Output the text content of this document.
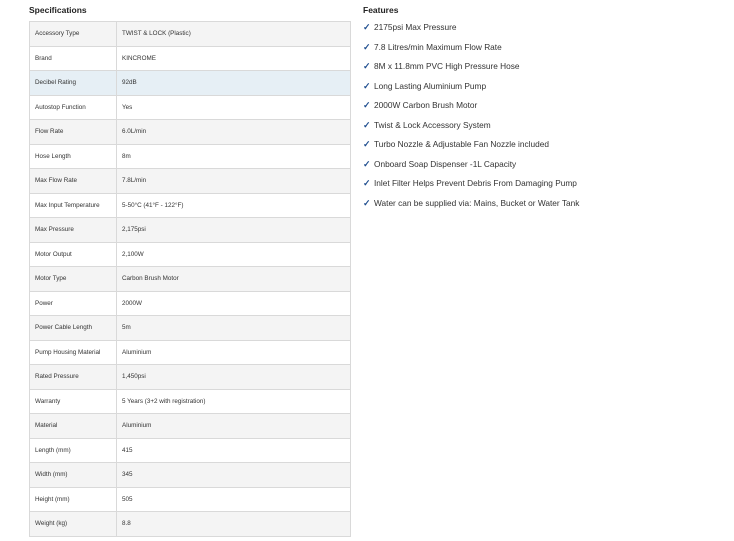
Specifications
Accessory Type	TWIST & LOCK (Plastic)
Brand	KINCROME
Decibel Rating	92dB
Autostop Function	Yes
Flow Rate	6.0L/min
Hose Length	8m
Max Flow Rate	7.8L/min
Max Input Temperature	5-50°C (41°F - 122°F)
Max Pressure	2,175psi
Motor Output	2,100W
Motor Type	Carbon Brush Motor
Power	2000W
Power Cable Length	5m
Pump Housing Material	Aluminium
Rated Pressure	1,450psi
Warranty	5 Years (3+2 with registration)
Material	Aluminium
Length (mm)	415
Width (mm)	345
Height (mm)	505
Weight (kg)	8.8
Features
✓ 2175psi Max Pressure
✓ 7.8 Litres/min Maximum Flow Rate
✓ 8M x 11.8mm PVC High Pressure Hose
✓ Long Lasting Aluminium Pump
✓ 2000W Carbon Brush Motor
✓ Twist & Lock Accessory System
✓ Turbo Nozzle & Adjustable Fan Nozzle included
✓ Onboard Soap Dispenser -1L Capacity
✓ Inlet Filter Helps Prevent Debris From Damaging Pump
✓ Water can be supplied via: Mains, Bucket or Water Tank
